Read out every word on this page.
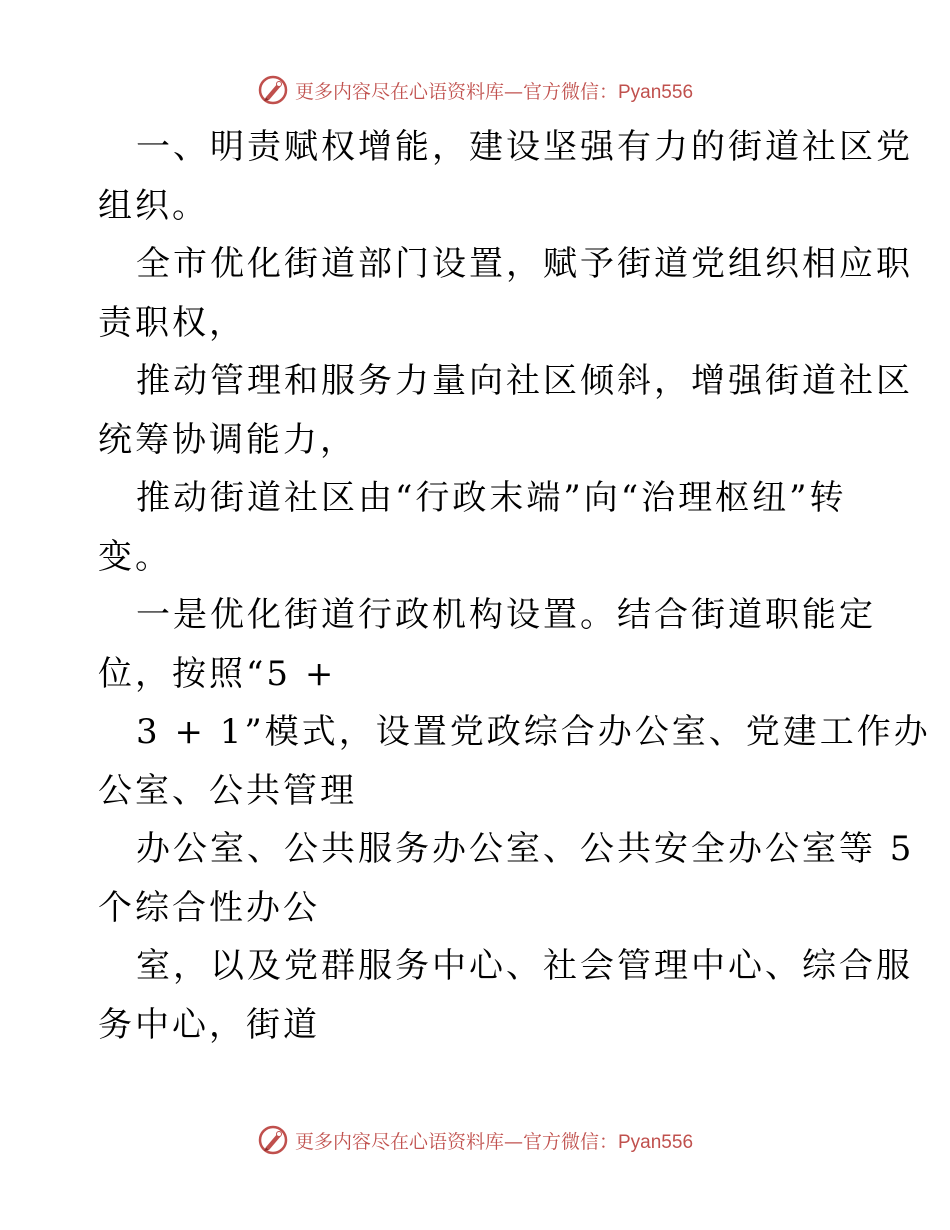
更多内容尽在心语资料库—官方微信：Pyan556

一、明责赋权增能，建设坚强有力的街道社区党

组织。

全市优化街道部门设置，赋予街道党组织相应职

责职权，

推动管理和服务力量向社区倾斜，增强街道社区

统筹协调能力，

推动街道社区由“行政末端”向“治理枢纽”转

变。

一是优化街道行政机构设置。结合街道职能定

位，按照“5 +

3 + 1”模式，设置党政综合办公室、党建工作办

公室、公共管理

办公室、公共服务办公室、公共安全办公室等 5

个综合性办公

室，以及党群服务中心、社会管理中心、综合服

务中心，街道

更多内容尽在心语资料库—官方微信：Pyan556
